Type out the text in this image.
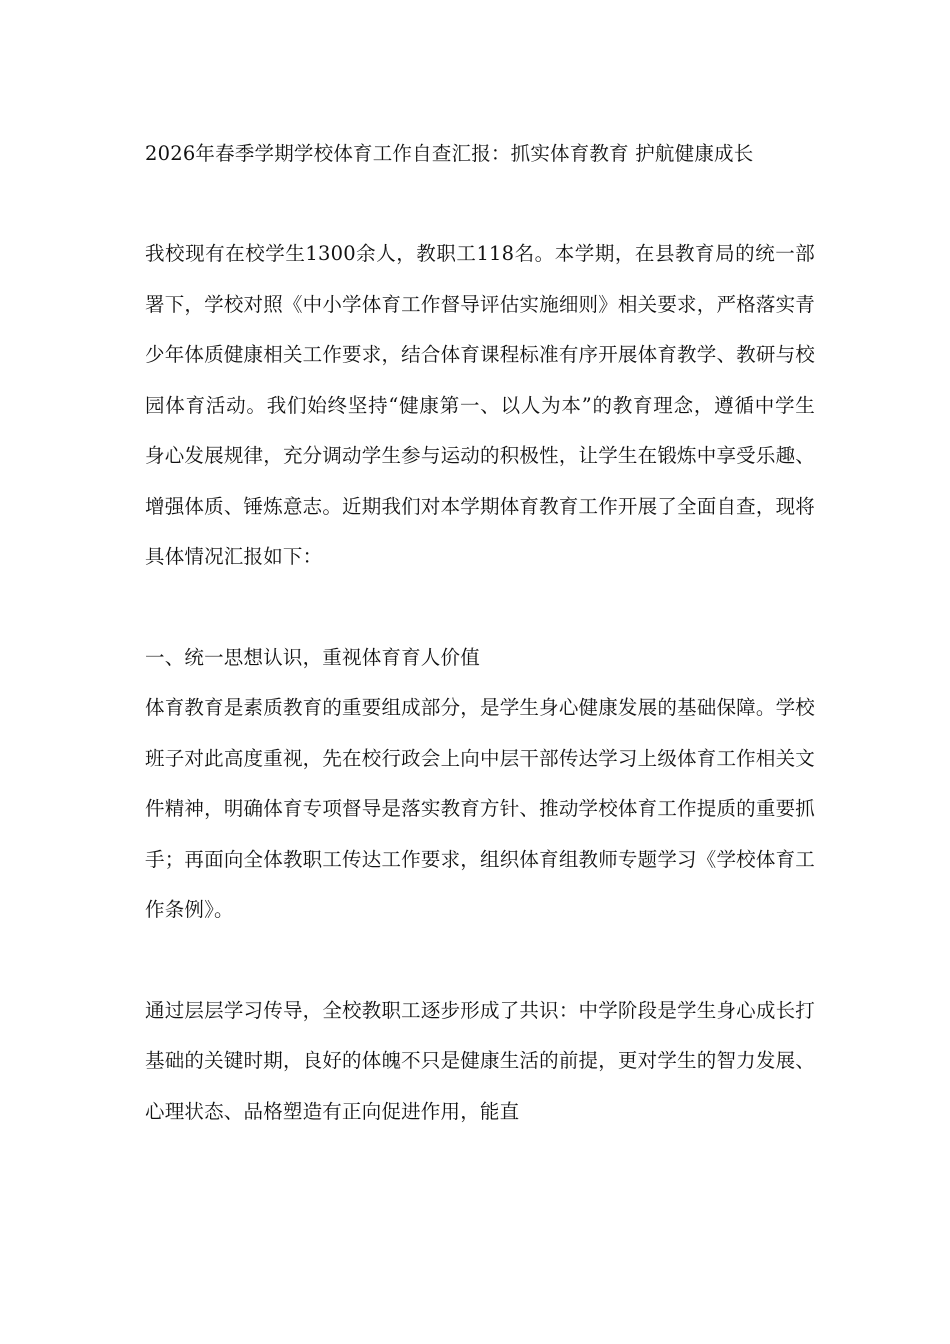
2026年春季学期学校体育工作自查汇报：抓实体育教育 护航健康成长

我校现有在校学生1300余人，教职工118名。本学期，在县教育局的统一部署下，学校对照《中小学体育工作督导评估实施细则》相关要求，严格落实青少年体质健康相关工作要求，结合体育课程标准有序开展体育教学、教研与校园体育活动。我们始终坚持“健康第一、以人为本”的教育理念，遵循中学生身心发展规律，充分调动学生参与运动的积极性，让学生在锻炼中享受乐趣、增强体质、锤炼意志。近期我们对本学期体育教育工作开展了全面自查，现将具体情况汇报如下：

一、统一思想认识，重视体育育人价值

体育教育是素质教育的重要组成部分，是学生身心健康发展的基础保障。学校班子对此高度重视，先在校行政会上向中层干部传达学习上级体育工作相关文件精神，明确体育专项督导是落实教育方针、推动学校体育工作提质的重要抓手；再面向全体教职工传达工作要求，组织体育组教师专题学习《学校体育工作条例》。

通过层层学习传导，全校教职工逐步形成了共识：中学阶段是学生身心成长打基础的关键时期，良好的体魄不只是健康生活的前提，更对学生的智力发展、心理状态、品格塑造有正向促进作用，能直
